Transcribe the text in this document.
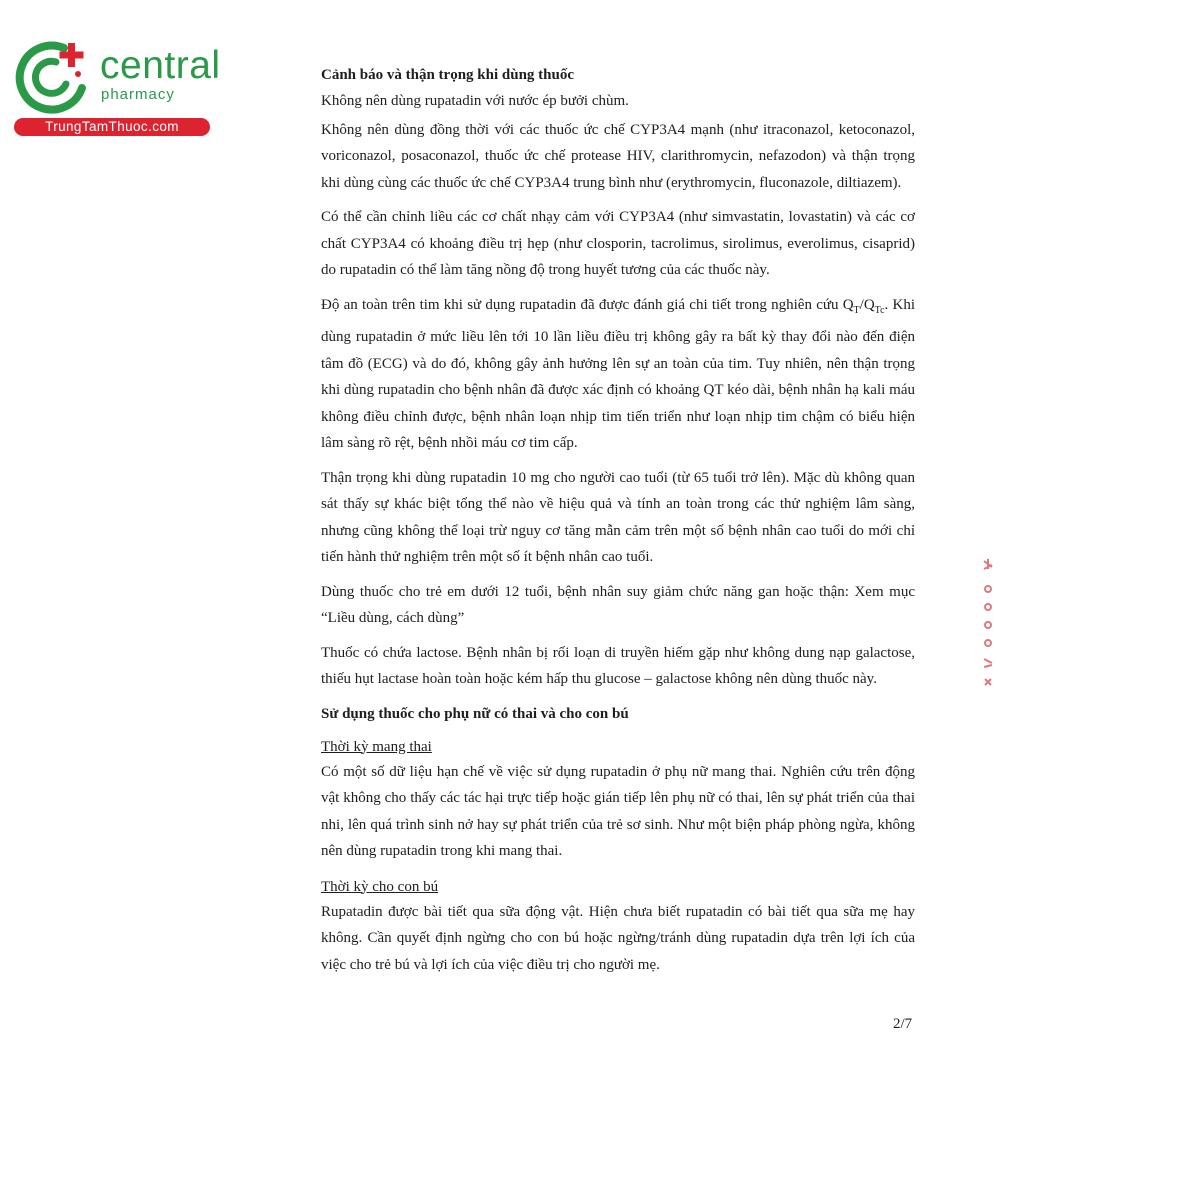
central
pharmacy
TrungTamThuoc.com
Cảnh báo và thận trọng khi dùng thuốc

Không nên dùng rupatadin với nước ép bưởi chùm.

Không nên dùng đồng thời với các thuốc ức chế CYP3A4 mạnh (như itraconazol, ketoconazol, voriconazol, posaconazol, thuốc ức chế protease HIV, clarithromycin, nefazodon) và thận trọng khi dùng cùng các thuốc ức chế CYP3A4 trung bình như (erythromycin, fluconazole, diltiazem).

Có thể cần chỉnh liều các cơ chất nhạy cảm với CYP3A4 (như simvastatin, lovastatin) và các cơ chất CYP3A4 có khoảng điều trị hẹp (như closporin, tacrolimus, sirolimus, everolimus, cisaprid) do rupatadin có thể làm tăng nồng độ trong huyết tương của các thuốc này.

Độ an toàn trên tim khi sử dụng rupatadin đã được đánh giá chi tiết trong nghiên cứu $Q_T/Q_{Tc}$. Khi dùng rupatadin ở mức liều lên tới 10 lần liều điều trị không gây ra bất kỳ thay đổi nào đến điện tâm đồ (ECG) và do đó, không gây ảnh hưởng lên sự an toàn của tim. Tuy nhiên, nên thận trọng khi dùng rupatadin cho bệnh nhân đã được xác định có khoảng QT kéo dài, bệnh nhân hạ kali máu không điều chỉnh được, bệnh nhân loạn nhịp tim tiến triển như loạn nhịp tim chậm có biểu hiện lâm sàng rõ rệt, bệnh nhồi máu cơ tim cấp.

Thận trọng khi dùng rupatadin 10 mg cho người cao tuổi (từ 65 tuổi trở lên). Mặc dù không quan sát thấy sự khác biệt tổng thể nào về hiệu quả và tính an toàn trong các thử nghiệm lâm sàng, nhưng cũng không thể loại trừ nguy cơ tăng mẫn cảm trên một số bệnh nhân cao tuổi do mới chỉ tiến hành thử nghiệm trên một số ít bệnh nhân cao tuổi.

Dùng thuốc cho trẻ em dưới 12 tuổi, bệnh nhân suy giảm chức năng gan hoặc thận: Xem mục “Liều dùng, cách dùng”

Thuốc có chứa lactose. Bệnh nhân bị rối loạn di truyền hiếm gặp như không dung nạp galactose, thiếu hụt lactase hoàn toàn hoặc kém hấp thu glucose – galactose không nên dùng thuốc này.

Sử dụng thuốc cho phụ nữ có thai và cho con bú
Thời kỳ mang thai

Có một số dữ liệu hạn chế về việc sử dụng rupatadin ở phụ nữ mang thai. Nghiên cứu trên động vật không cho thấy các tác hại trực tiếp hoặc gián tiếp lên phụ nữ có thai, lên sự phát triển của thai nhi, lên quá trình sinh nở hay sự phát triển của trẻ sơ sinh. Như một biện pháp phòng ngừa, không nên dùng rupatadin trong khi mang thai.

Thời kỳ cho con bú

Rupatadin được bài tiết qua sữa động vật. Hiện chưa biết rupatadin có bài tiết qua sữa mẹ hay không. Cần quyết định ngừng cho con bú hoặc ngừng/tránh dùng rupatadin dựa trên lợi ích của việc cho trẻ bú và lợi ích của việc điều trị cho người mẹ.

2/7
